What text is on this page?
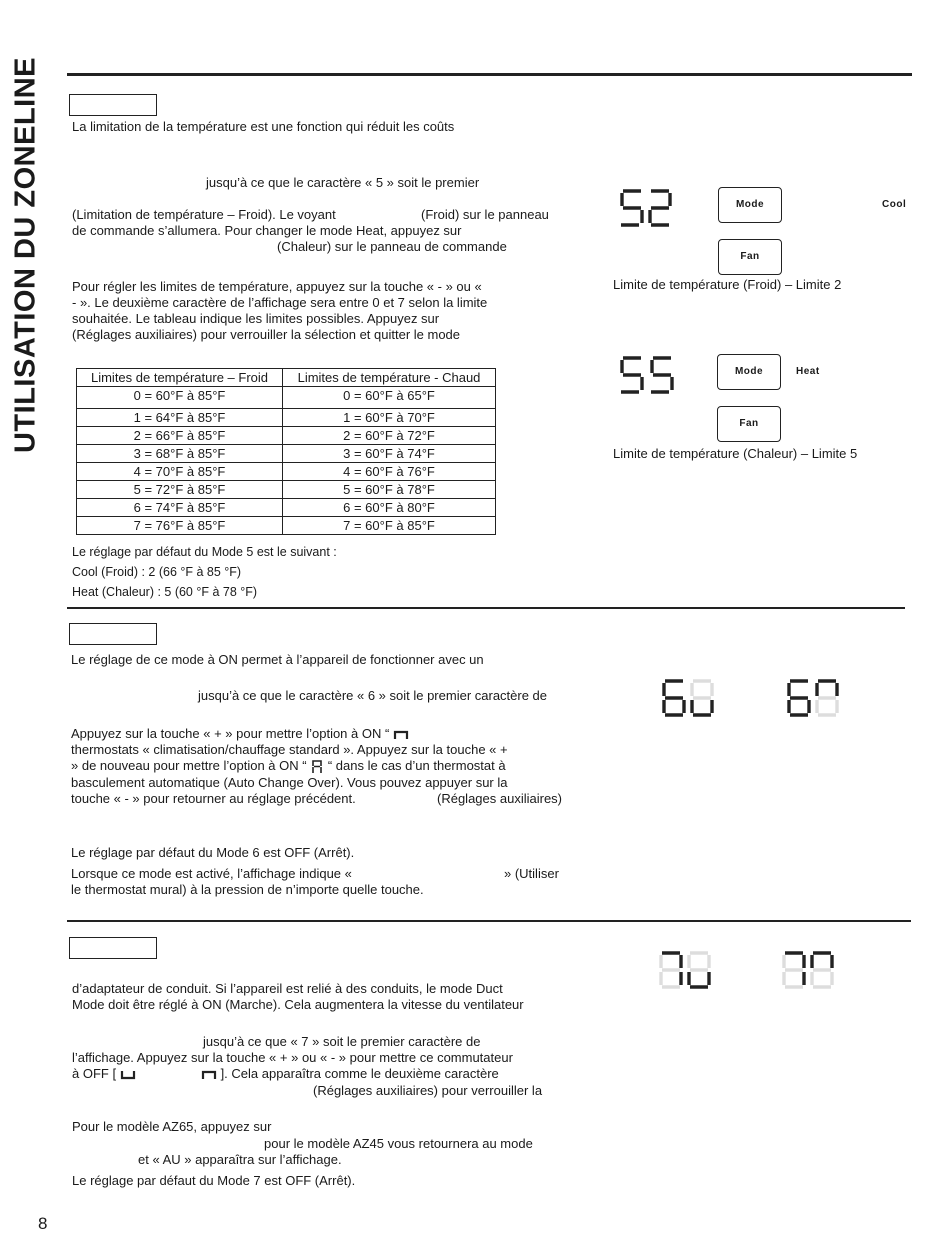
UTILISATION DU ZONELINE La limitation de la température est une fonction qui réduit les coûts
jusqu’à ce que le caractère « 5 » soit le premier
(Limitation de température – Froid). Le voyant	(Froid) sur le panneau
de commande s’allumera. Pour changer le mode Heat, appuyez sur
(Chaleur) sur le panneau de commande
Pour régler les limites de température, appuyez sur la touche « - » ou «
- ». Le deuxième caractère de l’affichage sera entre 0 et 7 selon la limite
souhaitée. Le tableau indique les limites possibles. Appuyez sur
(Réglages auxiliaires) pour verrouiller la sélection et quitter le mode
Limites de température – Froid	Limites de température - Chaud
0 = 60°F à 85°F	0 = 60°F à 65°F
1 = 64°F à 85°F	1 = 60°F à 70°F
2 = 66°F à 85°F	2 = 60°F à 72°F
3 = 68°F à 85°F	3 = 60°F à 74°F
4 = 70°F à 85°F	4 = 60°F à 76°F
5 = 72°F à 85°F	5 = 60°F à 78°F
6 = 74°F à 85°F	6 = 60°F à 80°F
7 = 76°F à 85°F	7 = 60°F à 85°F
Le réglage par défaut du Mode 5 est le suivant :
Cool (Froid) : 2 (66 °F à 85 °F)
Heat (Chaleur) : 5 (60 °F à 78 °F)
Mode	Cool
Fan
Limite de température (Froid) – Limite 2
Mode	Heat
Fan
Limite de température (Chaleur) – Limite 5
Le réglage de ce mode à ON permet à l’appareil de fonctionner avec un
jusqu’à ce que le caractère « 6 » soit le premier caractère de
Appuyez sur la touche « + » pour mettre l’option à ON “
thermostats « climatisation/chauffage standard ». Appuyez sur la touche « +
» de nouveau pour mettre l’option à ON “ “ dans le cas d’un thermostat à
basculement automatique (Auto Change Over). Vous pouvez appuyer sur la
touche « - » pour retourner au réglage précédent.	(Réglages auxiliaires)
Le réglage par défaut du Mode 6 est OFF (Arrêt).
Lorsque ce mode est activé, l’affichage indique «	» (Utiliser
le thermostat mural) à la pression de n’importe quelle touche.
d’adaptateur de conduit. Si l’appareil est relié à des conduits, le mode Duct
Mode doit être réglé à ON (Marche). Cela augmentera la vitesse du ventilateur
jusqu’à ce que « 7 » soit le premier caractère de
l’affichage. Appuyez sur la touche « + » ou « - » pour mettre ce commutateur
à OFF [	]. Cela apparaîtra comme le deuxième caractère
(Réglages auxiliaires) pour verrouiller la
Pour le modèle AZ65, appuyez sur
pour le modèle AZ45 vous retournera au mode
et « AU » apparaîtra sur l’affichage.
Le réglage par défaut du Mode 7 est OFF (Arrêt).
8
